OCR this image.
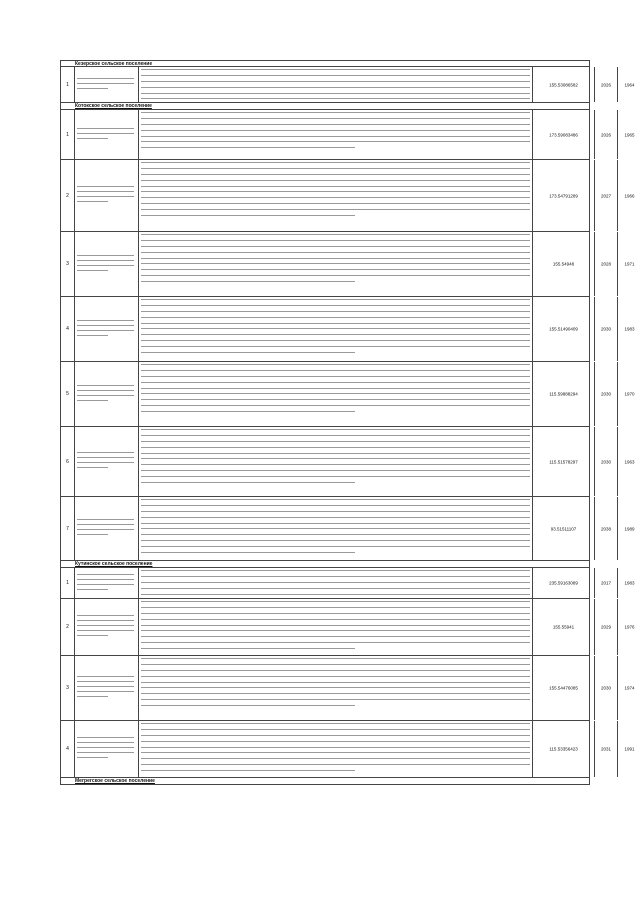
Кезерское сельское поселение
1	155.53086582	2026	1964
Котокское сельское поселение
1	173.59083486	2026	1965
2	173.54791289	2027	1966
3	155.54948	2028	1971
4	155.51490409	2030	1983
5	115.59888294	2030	1970
6	115.51578297	2030	1963
7	93.51511107	2038	1989
Кутинское сельское поселение
1	235.59163089	2017	1983
2	155.55941	2029	1976
3	155.54476085	2030	1974
4	115.53356423	2031	1991
Мегрегское сельское поселение
